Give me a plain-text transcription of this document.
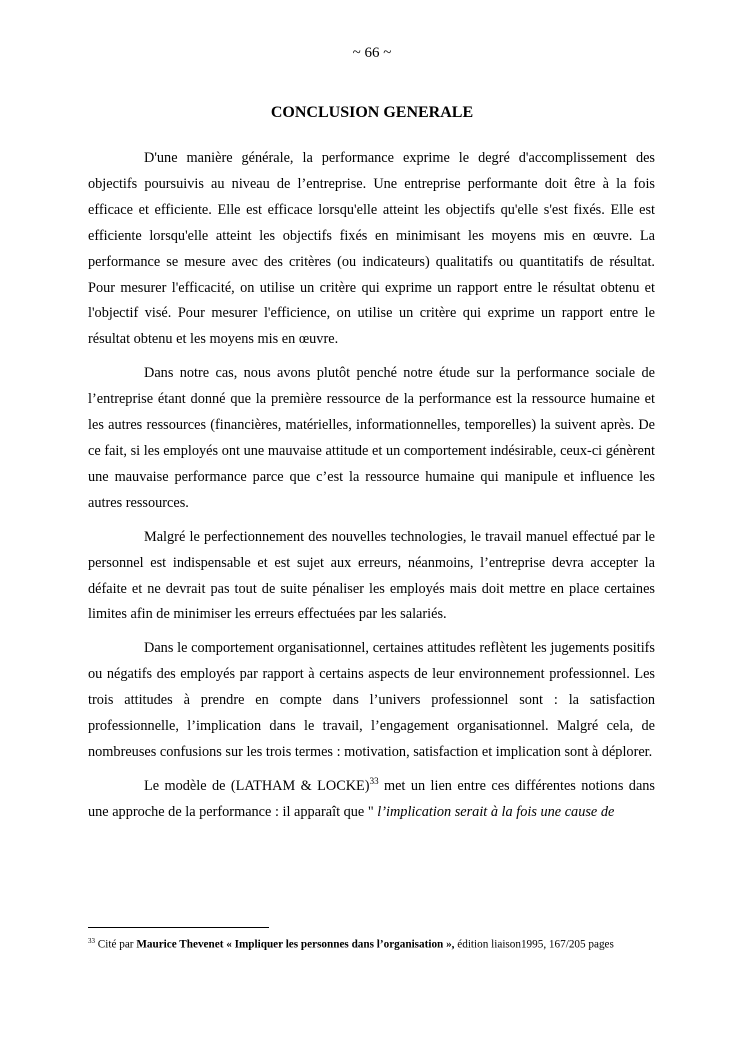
~ 66 ~
CONCLUSION GENERALE

D'une manière générale, la performance exprime le degré d'accomplissement des objectifs poursuivis au niveau de l’entreprise. Une entreprise performante doit être à la fois efficace et efficiente. Elle est efficace lorsqu'elle atteint les objectifs qu'elle s'est fixés. Elle est efficiente lorsqu'elle atteint les objectifs fixés en minimisant les moyens mis en œuvre. La performance se mesure avec des critères (ou indicateurs) qualitatifs ou quantitatifs de résultat. Pour mesurer l'efficacité, on utilise un critère qui exprime un rapport entre le résultat obtenu et l'objectif visé. Pour mesurer l'efficience, on utilise un critère qui exprime un rapport entre le résultat obtenu et les moyens mis en œuvre.

Dans notre cas, nous avons plutôt penché notre étude sur la performance sociale de l’entreprise étant donné que la première ressource de la performance est la ressource humaine et les autres ressources (financières, matérielles, informationnelles, temporelles) la suivent après. De ce fait, si les employés ont une mauvaise attitude et un comportement indésirable, ceux-ci génèrent une mauvaise performance parce que c’est la ressource humaine qui manipule et influence les autres ressources.

Malgré le perfectionnement des nouvelles technologies, le travail manuel effectué par le personnel est indispensable et est sujet aux erreurs, néanmoins, l’entreprise devra accepter la défaite et ne devrait pas tout de suite pénaliser les employés mais doit mettre en place certaines limites afin de minimiser les erreurs effectuées par les salariés.

Dans le comportement organisationnel, certaines attitudes reflètent les jugements positifs ou négatifs des employés par rapport à certains aspects de leur environnement professionnel. Les trois attitudes à prendre en compte dans l’univers professionnel sont : la satisfaction professionnelle, l’implication dans le travail, l’engagement organisationnel. Malgré cela, de nombreuses confusions sur les trois termes : motivation, satisfaction et implication sont à déplorer.

Le modèle de (LATHAM & LOCKE)$^{33}$ met un lien entre ces différentes notions dans une approche de la performance : il apparaît que " l’implication serait à la fois une cause de

$^{33}$ Cité par Maurice Thevenet « Impliquer les personnes dans l’organisation », édition liaison1995, 167/205 pages
